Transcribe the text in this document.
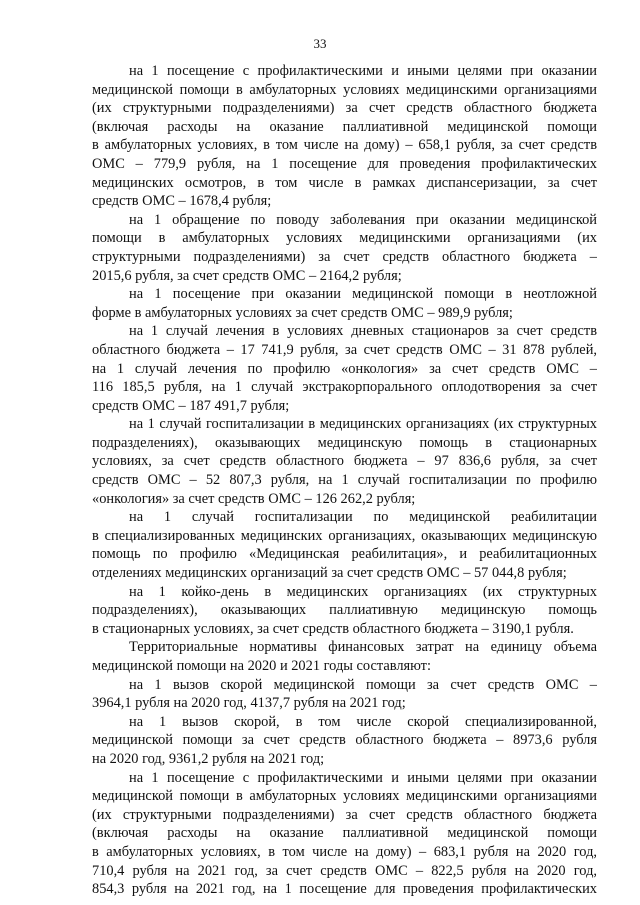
33
на 1 посещение с профилактическими и иными целями при оказании
медицинской помощи в амбулаторных условиях медицинскими организациями
(их структурными подразделениями) за счет средств областного бюджета
(включая расходы на оказание паллиативной медицинской помощи
в амбулаторных условиях, в том числе на дому) – 658,1 рубля, за счет средств
ОМС – 779,9 рубля, на 1 посещение для проведения профилактических
медицинских осмотров, в том числе в рамках диспансеризации, за счет
средств ОМС – 1678,4 рубля;
на 1 обращение по поводу заболевания при оказании медицинской
помощи в амбулаторных условиях медицинскими организациями (их
структурными подразделениями) за счет средств областного бюджета –
2015,6 рубля, за счет средств ОМС – 2164,2 рубля;
на 1 посещение при оказании медицинской помощи в неотложной
форме в амбулаторных условиях за счет средств ОМС – 989,9 рубля;
на 1 случай лечения в условиях дневных стационаров за счет средств
областного бюджета – 17 741,9 рубля, за счет средств ОМС – 31 878 рублей,
на 1 случай лечения по профилю «онкология» за счет средств ОМС –
116 185,5 рубля, на 1 случай экстракорпорального оплодотворения за счет
средств ОМС – 187 491,7 рубля;
на 1 случай госпитализации в медицинских организациях (их структурных
подразделениях), оказывающих медицинскую помощь в стационарных
условиях, за счет средств областного бюджета – 97 836,6 рубля, за счет
средств ОМС – 52 807,3 рубля, на 1 случай госпитализации по профилю
«онкология» за счет средств ОМС – 126 262,2 рубля;
на 1 случай госпитализации по медицинской реабилитации
в специализированных медицинских организациях, оказывающих медицинскую
помощь по профилю «Медицинская реабилитация», и реабилитационных
отделениях медицинских организаций за счет средств ОМС – 57 044,8 рубля;
на 1 койко-день в медицинских организациях (их структурных
подразделениях), оказывающих паллиативную медицинскую помощь
в стационарных условиях, за счет средств областного бюджета – 3190,1 рубля.
Территориальные нормативы финансовых затрат на единицу объема
медицинской помощи на 2020 и 2021 годы составляют:
на 1 вызов скорой медицинской помощи за счет средств ОМС –
3964,1 рубля на 2020 год, 4137,7 рубля на 2021 год;
на 1 вызов скорой, в том числе скорой специализированной,
медицинской помощи за счет средств областного бюджета – 8973,6 рубля
на 2020 год, 9361,2 рубля на 2021 год;
на 1 посещение с профилактическими и иными целями при оказании
медицинской помощи в амбулаторных условиях медицинскими организациями
(их структурными подразделениями) за счет средств областного бюджета
(включая расходы на оказание паллиативной медицинской помощи
в амбулаторных условиях, в том числе на дому) – 683,1 рубля на 2020 год,
710,4 рубля на 2021 год, за счет средств ОМС – 822,5 рубля на 2020 год,
854,3 рубля на 2021 год, на 1 посещение для проведения профилактических
